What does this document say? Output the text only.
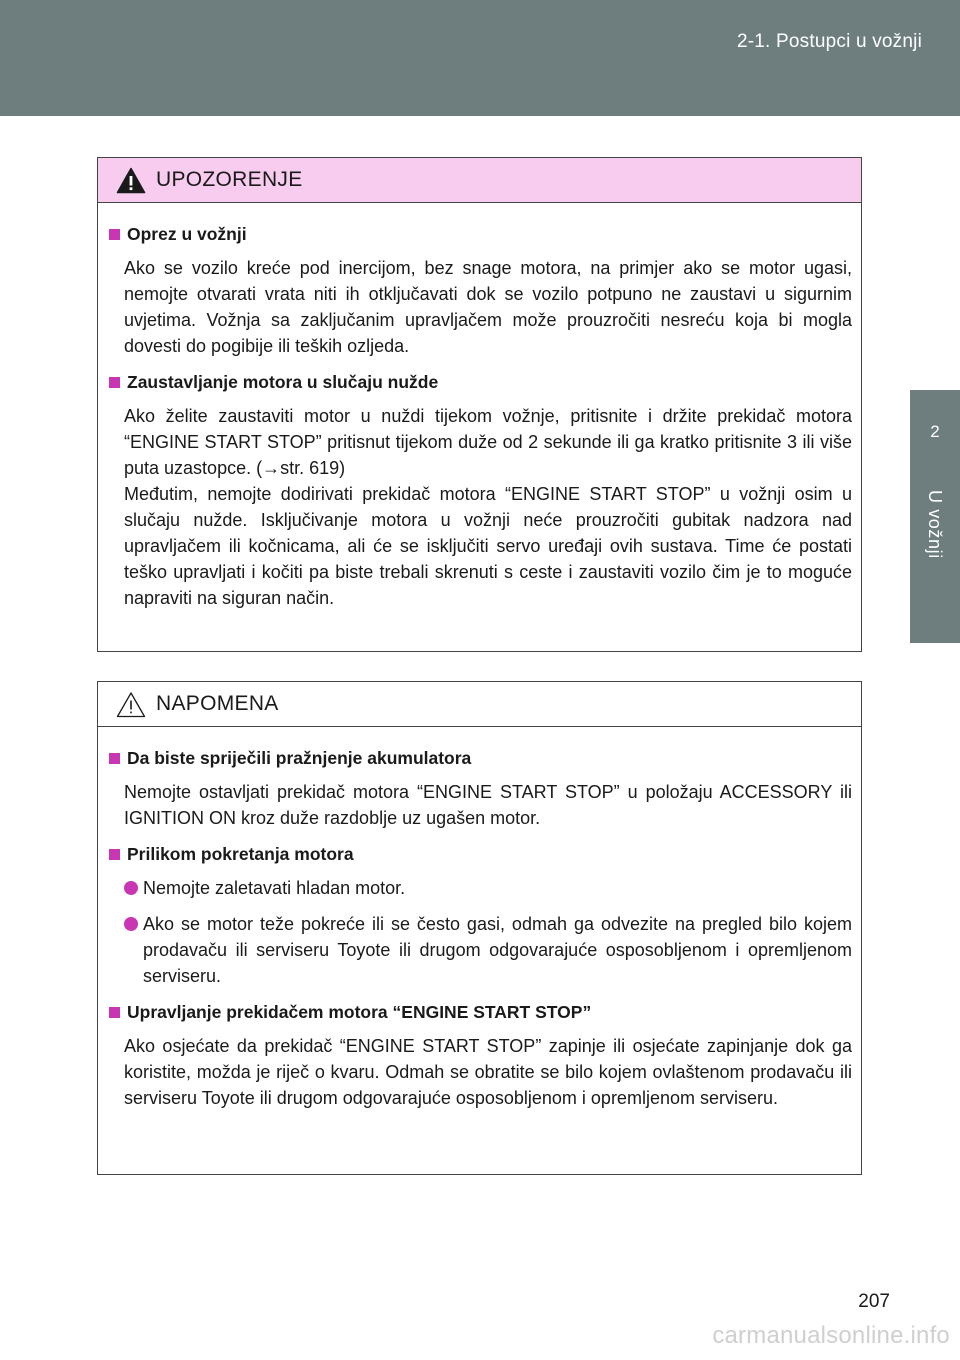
2-1. Postupci u vožnji
2
U vožnji
UPOZORENJE
Oprez u vožnji

Ako se vozilo kreće pod inercijom, bez snage motora, na primjer ako se motor ugasi, nemojte otvarati vrata niti ih otključavati dok se vozilo potpuno ne zaustavi u sigurnim uvjetima. Vožnja sa zaključanim upravljačem može prouzročiti nesreću koja bi mogla dovesti do pogibije ili teških ozljeda.

Zaustavljanje motora u slučaju nužde

Ako želite zaustaviti motor u nuždi tijekom vožnje, pritisnite i držite prekidač motora “ENGINE START STOP” pritisnut tijekom duže od 2 sekunde ili ga kratko pritisnite 3 ili više puta uzastopce. (→str. 619)

Međutim, nemojte dodirivati prekidač motora “ENGINE START STOP” u vožnji osim u slučaju nužde. Isključivanje motora u vožnji neće prouzročiti gubitak nadzora nad upravljačem ili kočnicama, ali će se isključiti servo uređaji ovih sustava. Time će postati teško upravljati i kočiti pa biste trebali skrenuti s ceste i zaustaviti vozilo čim je to moguće napraviti na siguran način.

NAPOMENA
Da biste spriječili pražnjenje akumulatora

Nemojte ostavljati prekidač motora “ENGINE START STOP” u položaju ACCESSORY ili IGNITION ON kroz duže razdoblje uz ugašen motor.

Prilikom pokretanja motora
Nemojte zaletavati hladan motor.
Ako se motor teže pokreće ili se često gasi, odmah ga odvezite na pregled bilo kojem prodavaču ili serviseru Toyote ili drugom odgovarajuće osposobljenom i opremljenom serviseru.
Upravljanje prekidačem motora “ENGINE START STOP”

Ako osjećate da prekidač “ENGINE START STOP” zapinje ili osjećate zapinjanje dok ga koristite, možda je riječ o kvaru. Odmah se obratite se bilo kojem ovlaštenom prodavaču ili serviseru Toyote ili drugom odgovarajuće osposobljenom i opremljenom serviseru.

207
carmanualsonline.info
